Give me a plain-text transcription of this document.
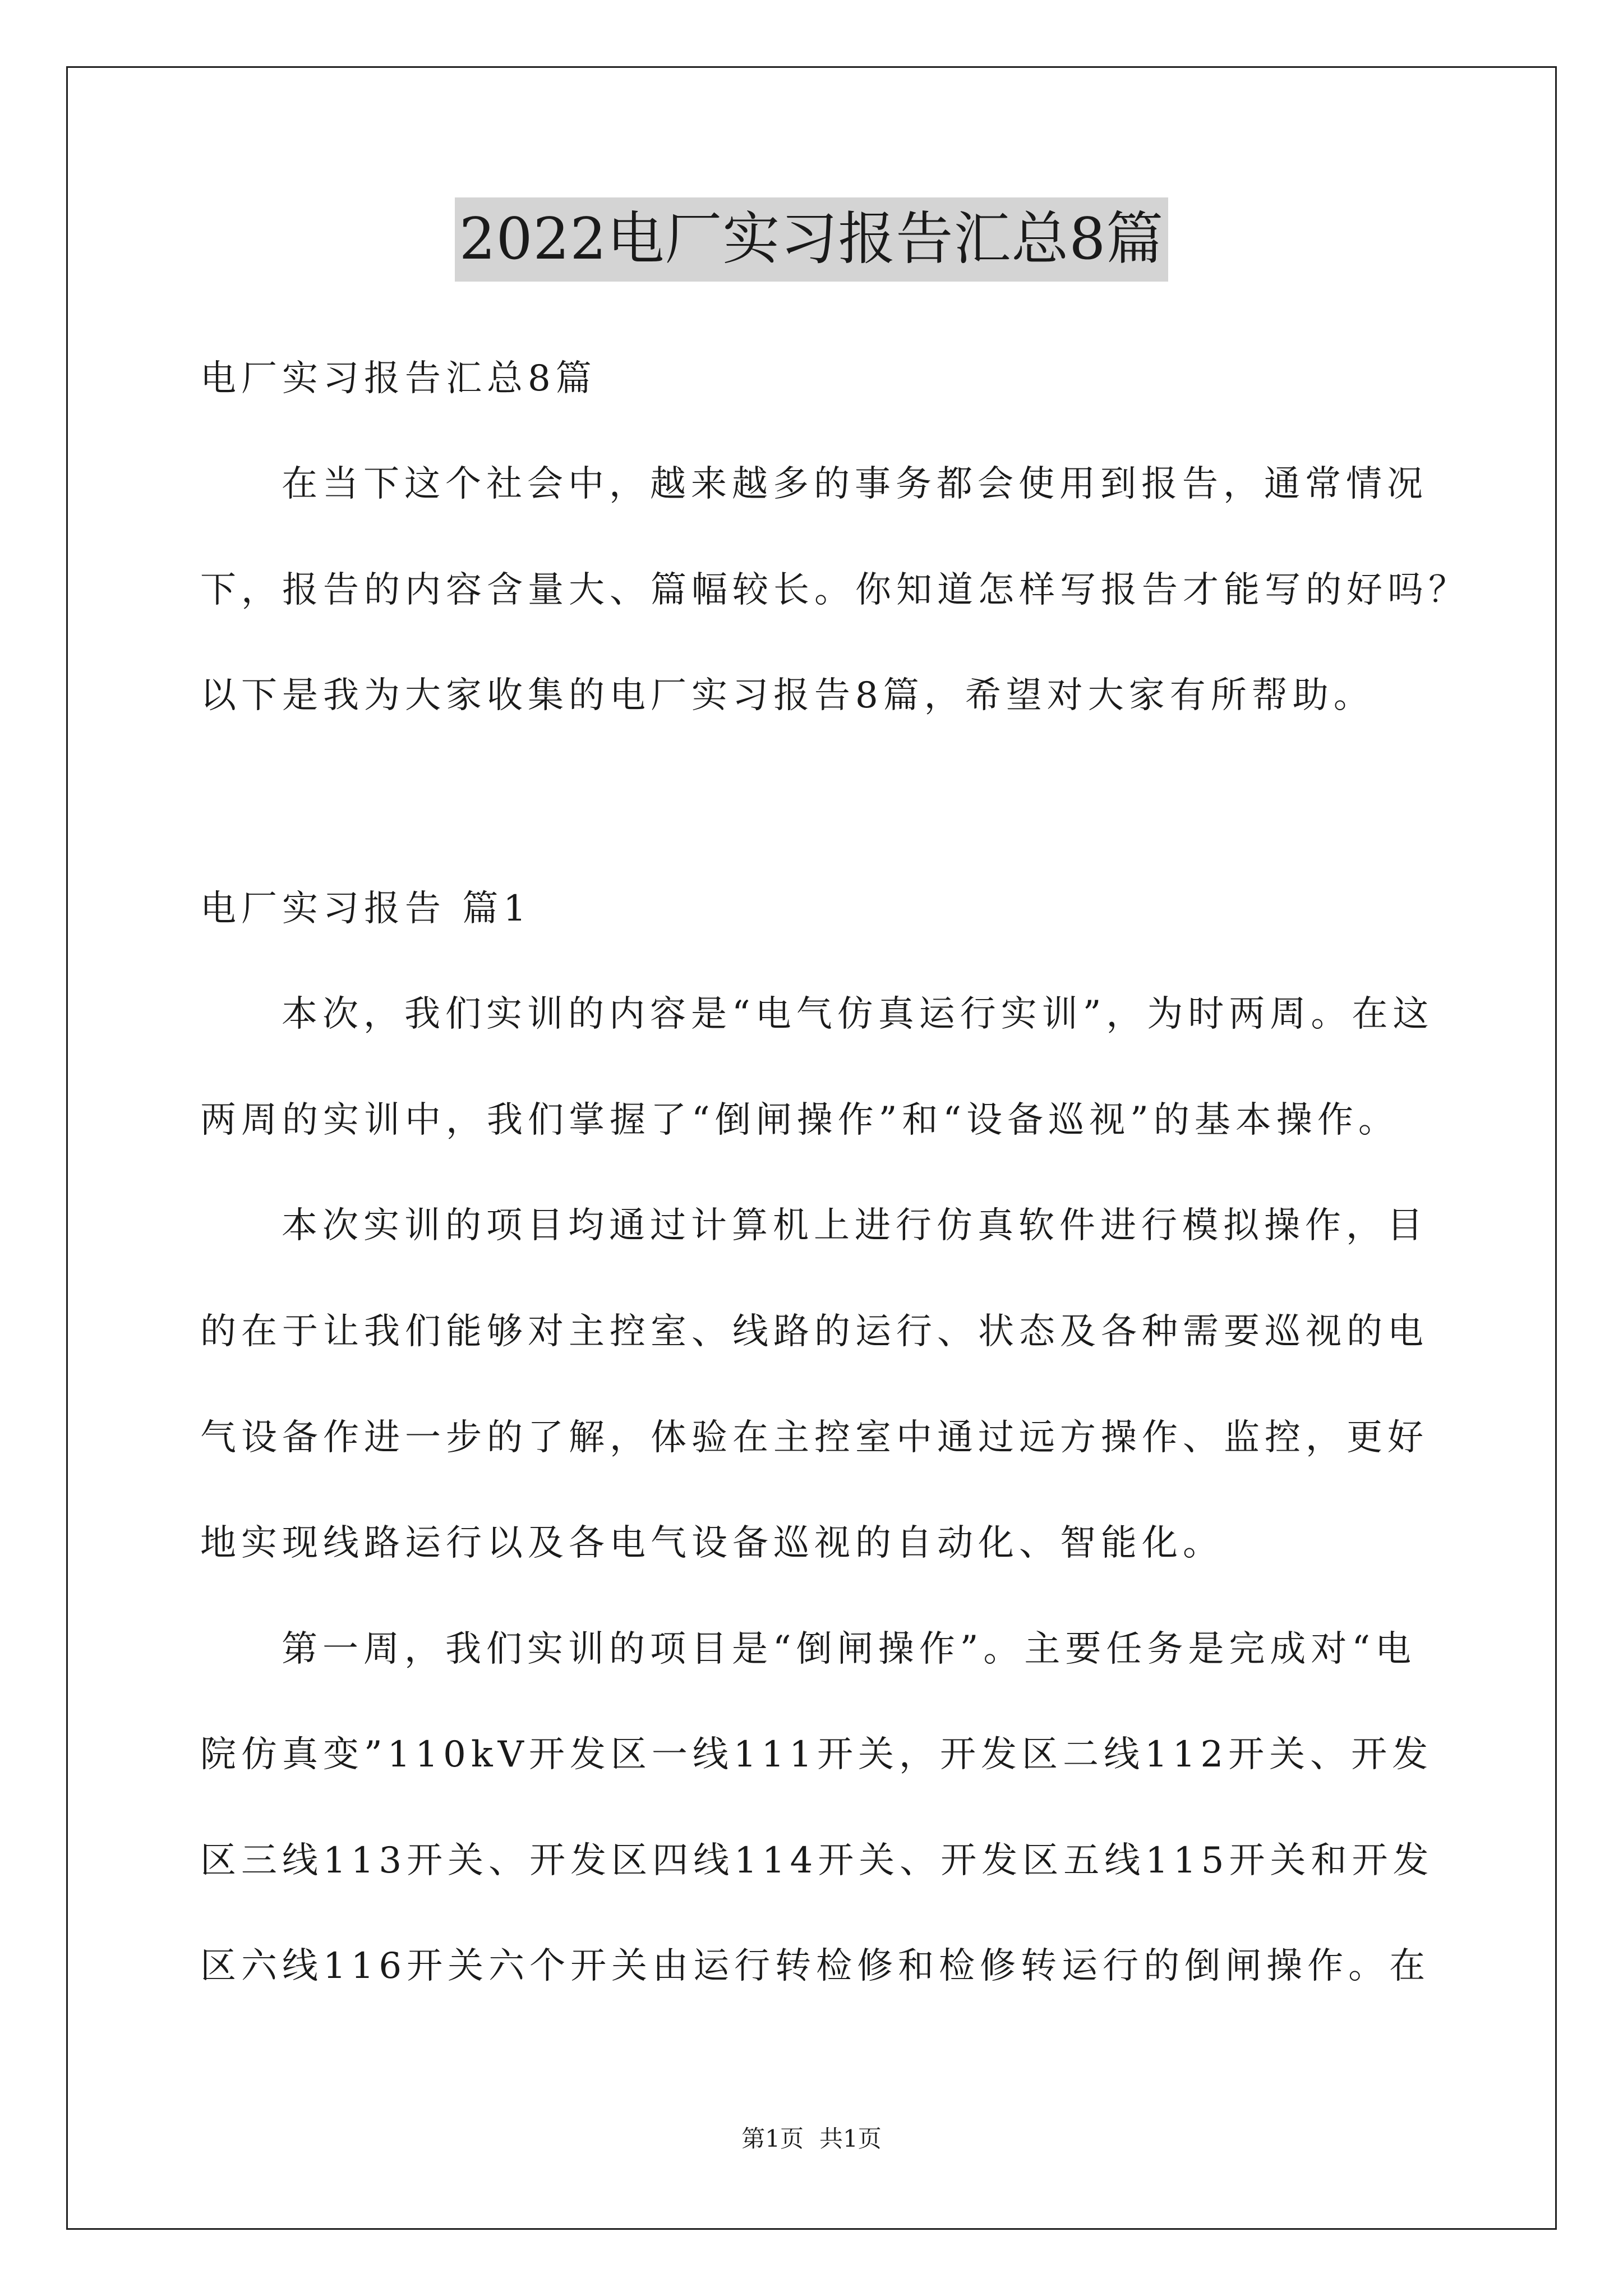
2022电厂实习报告汇总8篇
电厂实习报告汇总8篇
在当下这个社会中，越来越多的事务都会使用到报告，通常情况
下，报告的内容含量大、篇幅较长。你知道怎样写报告才能写的好吗？
以下是我为大家收集的电厂实习报告8篇，希望对大家有所帮助。
电厂实习报告 篇1
本次，我们实训的内容是“电气仿真运行实训”，为时两周。在这
两周的实训中，我们掌握了“倒闸操作”和“设备巡视”的基本操作。
本次实训的项目均通过计算机上进行仿真软件进行模拟操作，目
的在于让我们能够对主控室、线路的运行、状态及各种需要巡视的电
气设备作进一步的了解，体验在主控室中通过远方操作、监控，更好
地实现线路运行以及各电气设备巡视的自动化、智能化。
第一周，我们实训的项目是“倒闸操作”。主要任务是完成对“电
院仿真变”110kV开发区一线111开关，开发区二线112开关、开发
区三线113开关、开发区四线114开关、开发区五线115开关和开发
区六线116开关六个开关由运行转检修和检修转运行的倒闸操作。在
第1页 共1页
